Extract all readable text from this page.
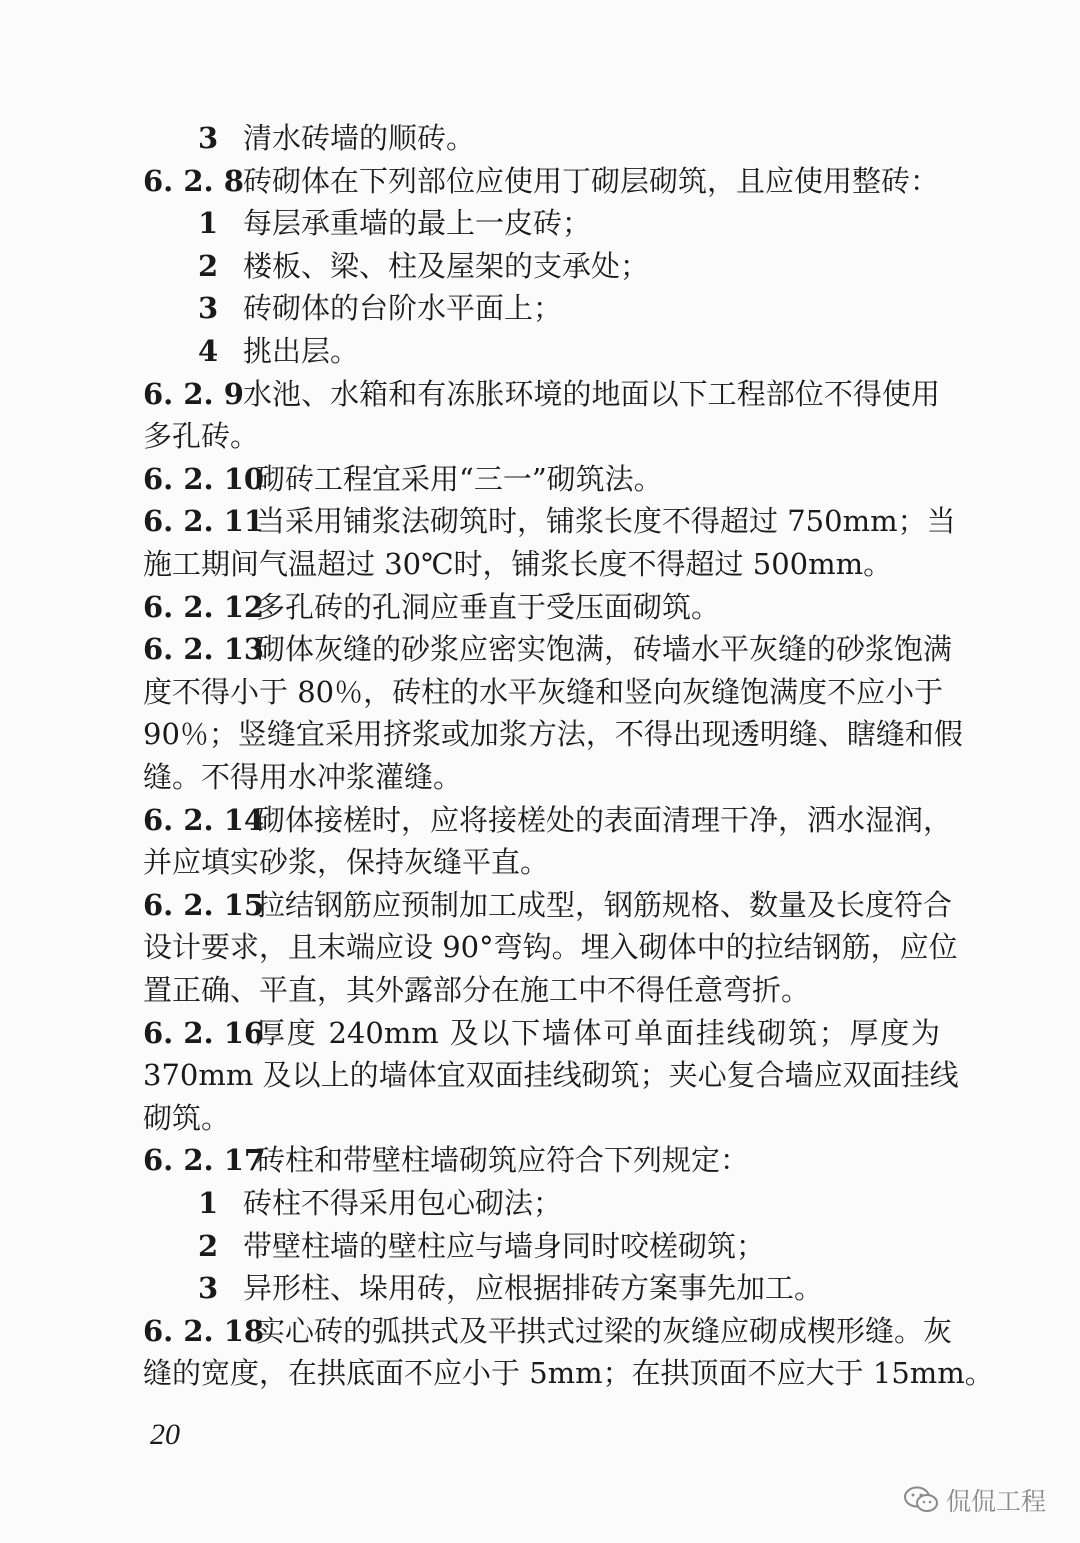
3 清水砖墙的顺砖。
6. 2. 8 砖砌体在下列部位应使用丁砌层砌筑，且应使用整砖：
1 每层承重墙的最上一皮砖；
2 楼板、梁、柱及屋架的支承处；
3 砖砌体的台阶水平面上；
4 挑出层。
6. 2. 9 水池、水箱和有冻胀环境的地面以下工程部位不得使用
多孔砖。
6. 2. 10
砌砖工程宜采用“三一”砌筑法。
6. 2. 11
当采用铺浆法砌筑时，铺浆长度不得超过 750mm；当
施工期间气温超过 30℃时，铺浆长度不得超过 500mm。
6. 2. 12
多孔砖的孔洞应垂直于受压面砌筑。
6. 2. 13
砌体灰缝的砂浆应密实饱满，砖墙水平灰缝的砂浆饱满
度不得小于 80％，砖柱的水平灰缝和竖向灰缝饱满度不应小于
90％；竖缝宜采用挤浆或加浆方法，不得出现透明缝、瞎缝和假
缝。不得用水冲浆灌缝。
6. 2. 14
砌体接槎时，应将接槎处的表面清理干净，洒水湿润，
并应填实砂浆，保持灰缝平直。
6. 2. 15
拉结钢筋应预制加工成型，钢筋规格、数量及长度符合
设计要求，且末端应设 90°弯钩。埋入砌体中的拉结钢筋，应位
置正确、平直，其外露部分在施工中不得任意弯折。
6. 2. 16
厚度 240mm 及以下墙体可单面挂线砌筑；厚度为
370mm 及以上的墙体宜双面挂线砌筑；夹心复合墙应双面挂线
砌筑。
6. 2. 17
砖柱和带壁柱墙砌筑应符合下列规定：
1 砖柱不得采用包心砌法；
2 带壁柱墙的壁柱应与墙身同时咬槎砌筑；
3 异形柱、垛用砖，应根据排砖方案事先加工。
6. 2. 18
实心砖的弧拱式及平拱式过梁的灰缝应砌成楔形缝。灰
缝的宽度，在拱底面不应小于 5mm；在拱顶面不应大于 15mm。
20
侃侃工程
